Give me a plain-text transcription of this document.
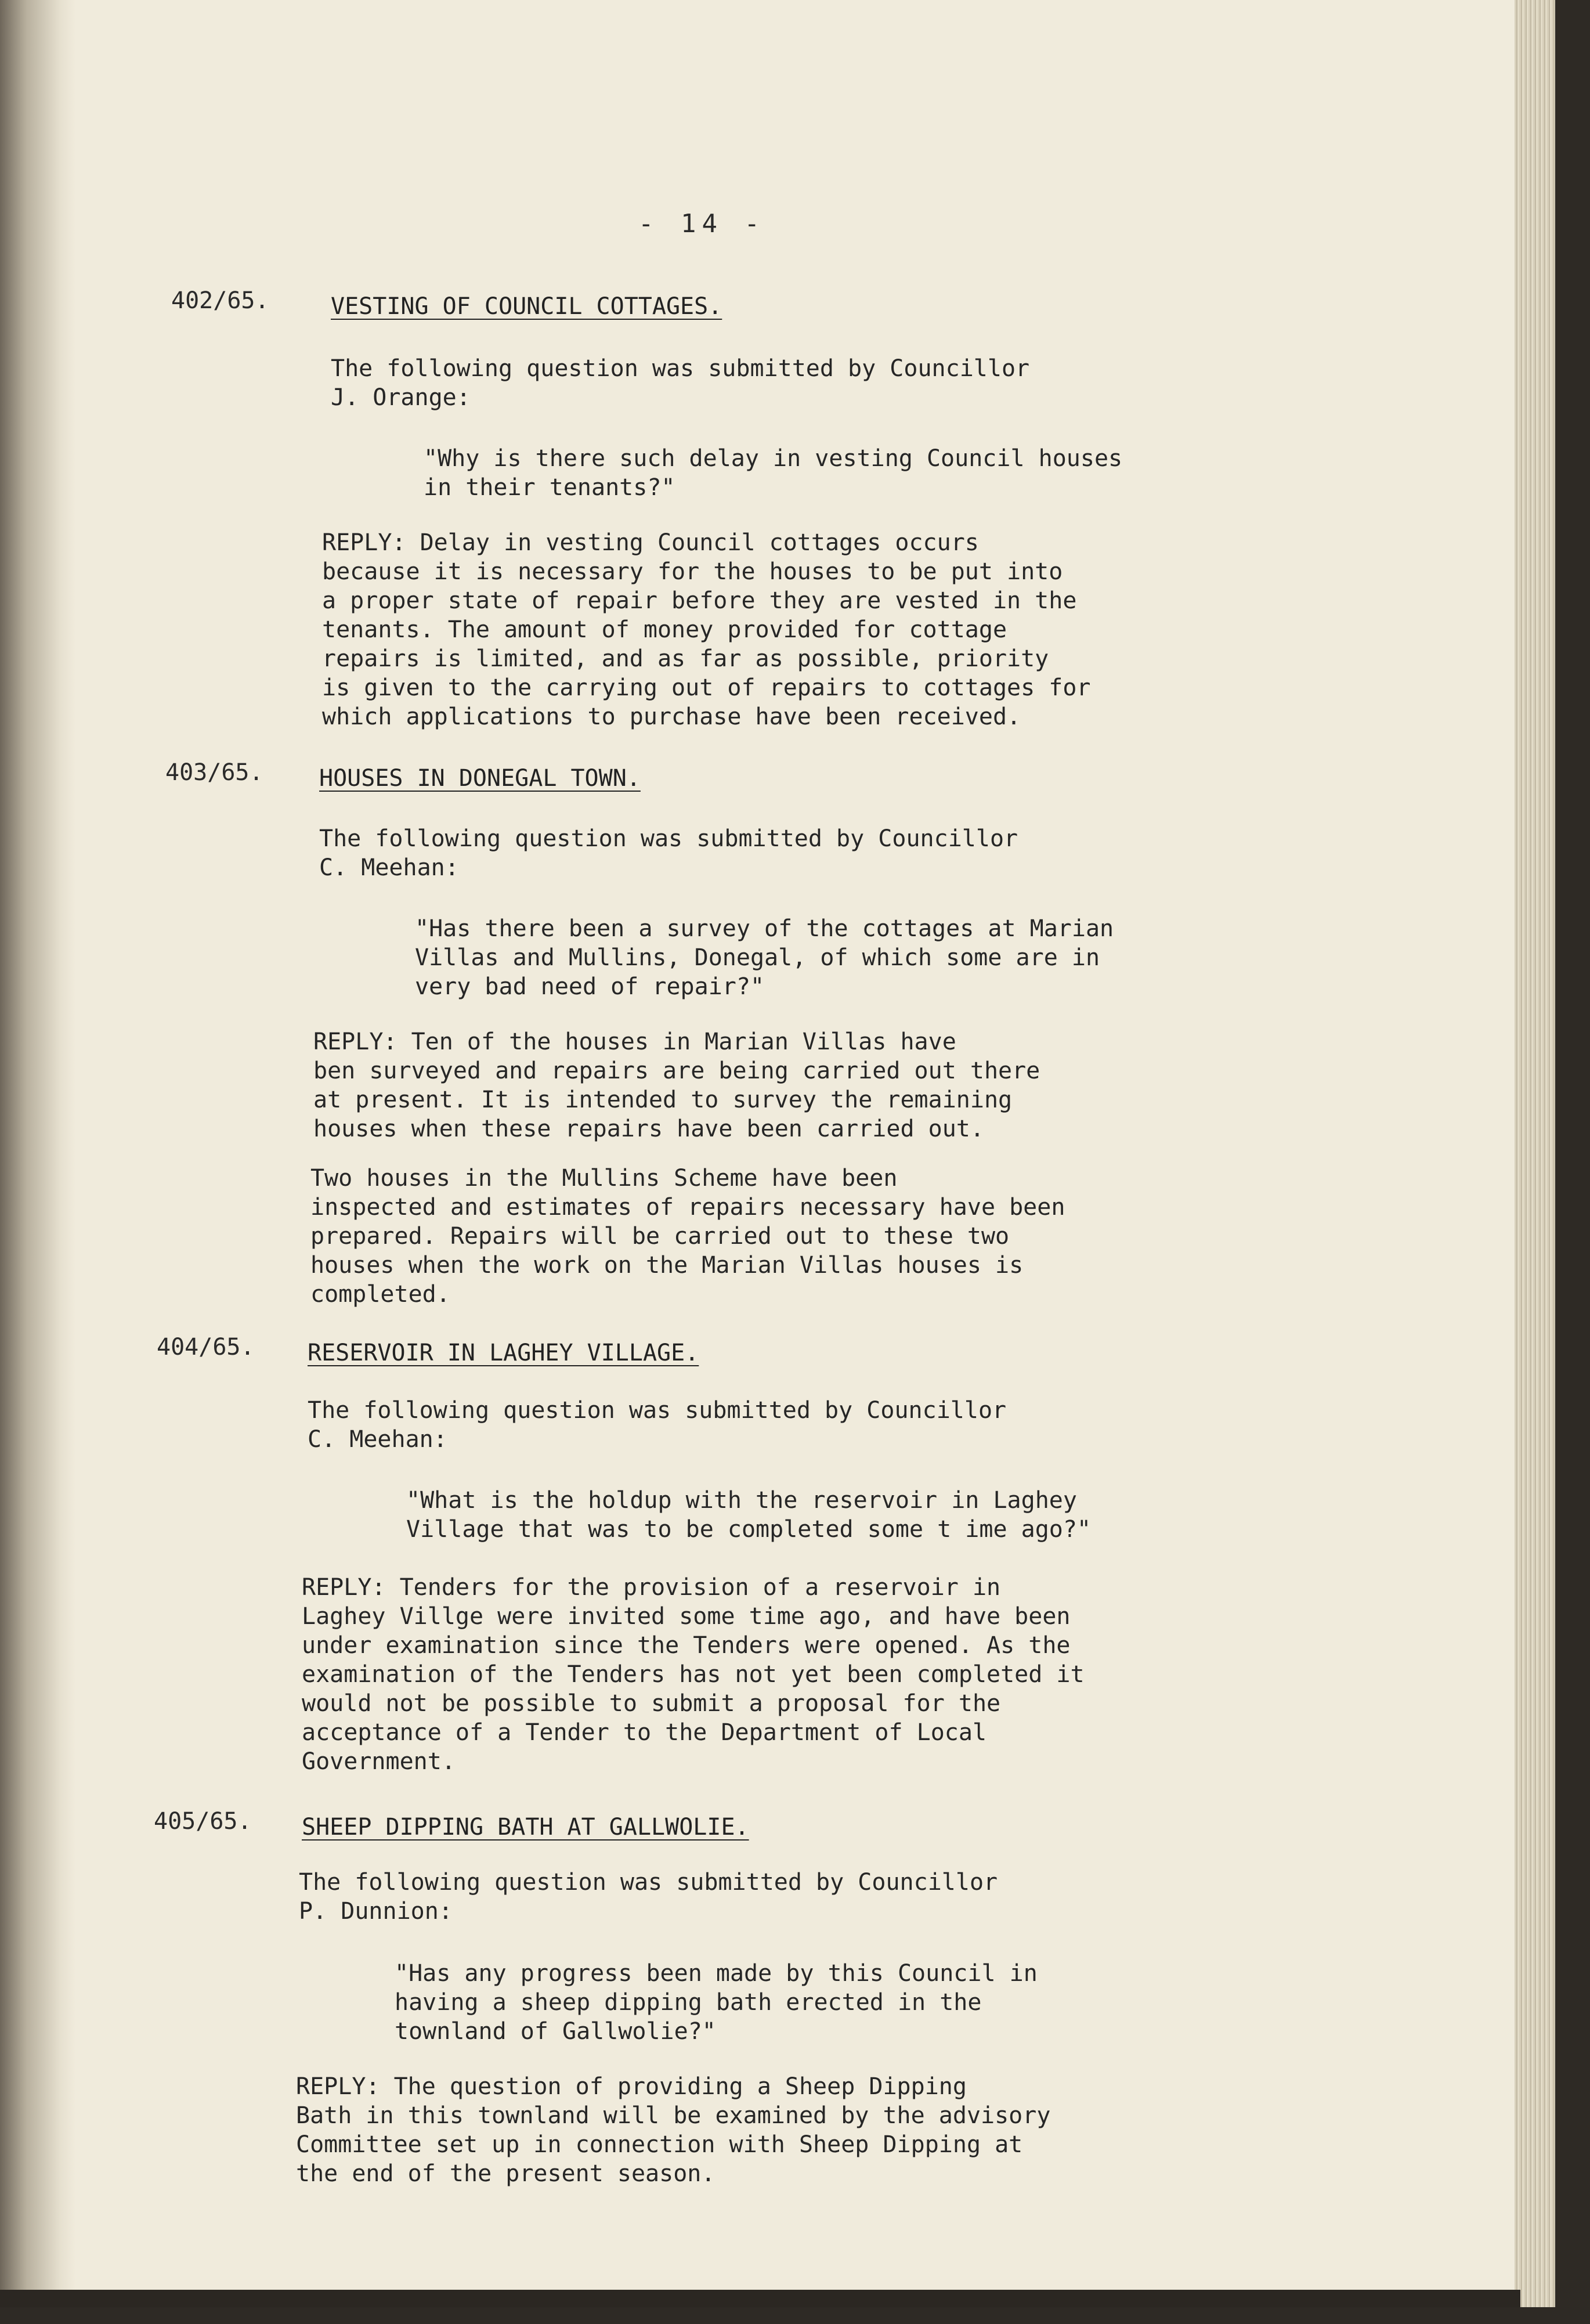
- 14 -
402/65.	VESTING OF COUNCIL COTTAGES.

The following question was submitted by Councillor
J. Orange:

"Why is there such delay in vesting Council houses
in their tenants?"

REPLY: Delay in vesting Council cottages occurs
because it is necessary for the houses to be put into
a proper state of repair before they are vested in the
tenants. The amount of money provided for cottage
repairs is limited, and as far as possible, priority
is given to the carrying out of repairs to cottages for
which applications to purchase have been received.

403/65. HOUSES IN DONEGAL TOWN.

The following question was submitted by Councillor
C. Meehan:

"Has there been a survey of the cottages at Marian
Villas and Mullins, Donegal, of which some are in
very bad need of repair?"

REPLY: Ten of the houses in Marian Villas have
ben surveyed and repairs are being carried out there
at present. It is intended to survey the remaining
houses when these repairs have been carried out.

Two houses in the Mullins Scheme have been
inspected and estimates of repairs necessary have been
prepared. Repairs will be carried out to these two
houses when the work on the Marian Villas houses is
completed.

404/65. RESERVOIR IN LAGHEY VILLAGE.

The following question was submitted by Councillor
C. Meehan:

"What is the holdup with the reservoir in Laghey
Village that was to be completed some t ime ago?"

REPLY: Tenders for the provision of a reservoir in
Laghey Villge were invited some time ago, and have been
under examination since the Tenders were opened. As the
examination of the Tenders has not yet been completed it
would not be possible to submit a proposal for the
acceptance of a Tender to the Department of Local
Government.

405/65. SHEEP DIPPING BATH AT GALLWOLIE.

The following question was submitted by Councillor
P. Dunnion:

"Has any progress been made by this Council in
having a sheep dipping bath erected in the
townland of Gallwolie?"

REPLY: The question of providing a Sheep Dipping
Bath in this townland will be examined by the advisory
Committee set up in connection with Sheep Dipping at
the end of the present season.
